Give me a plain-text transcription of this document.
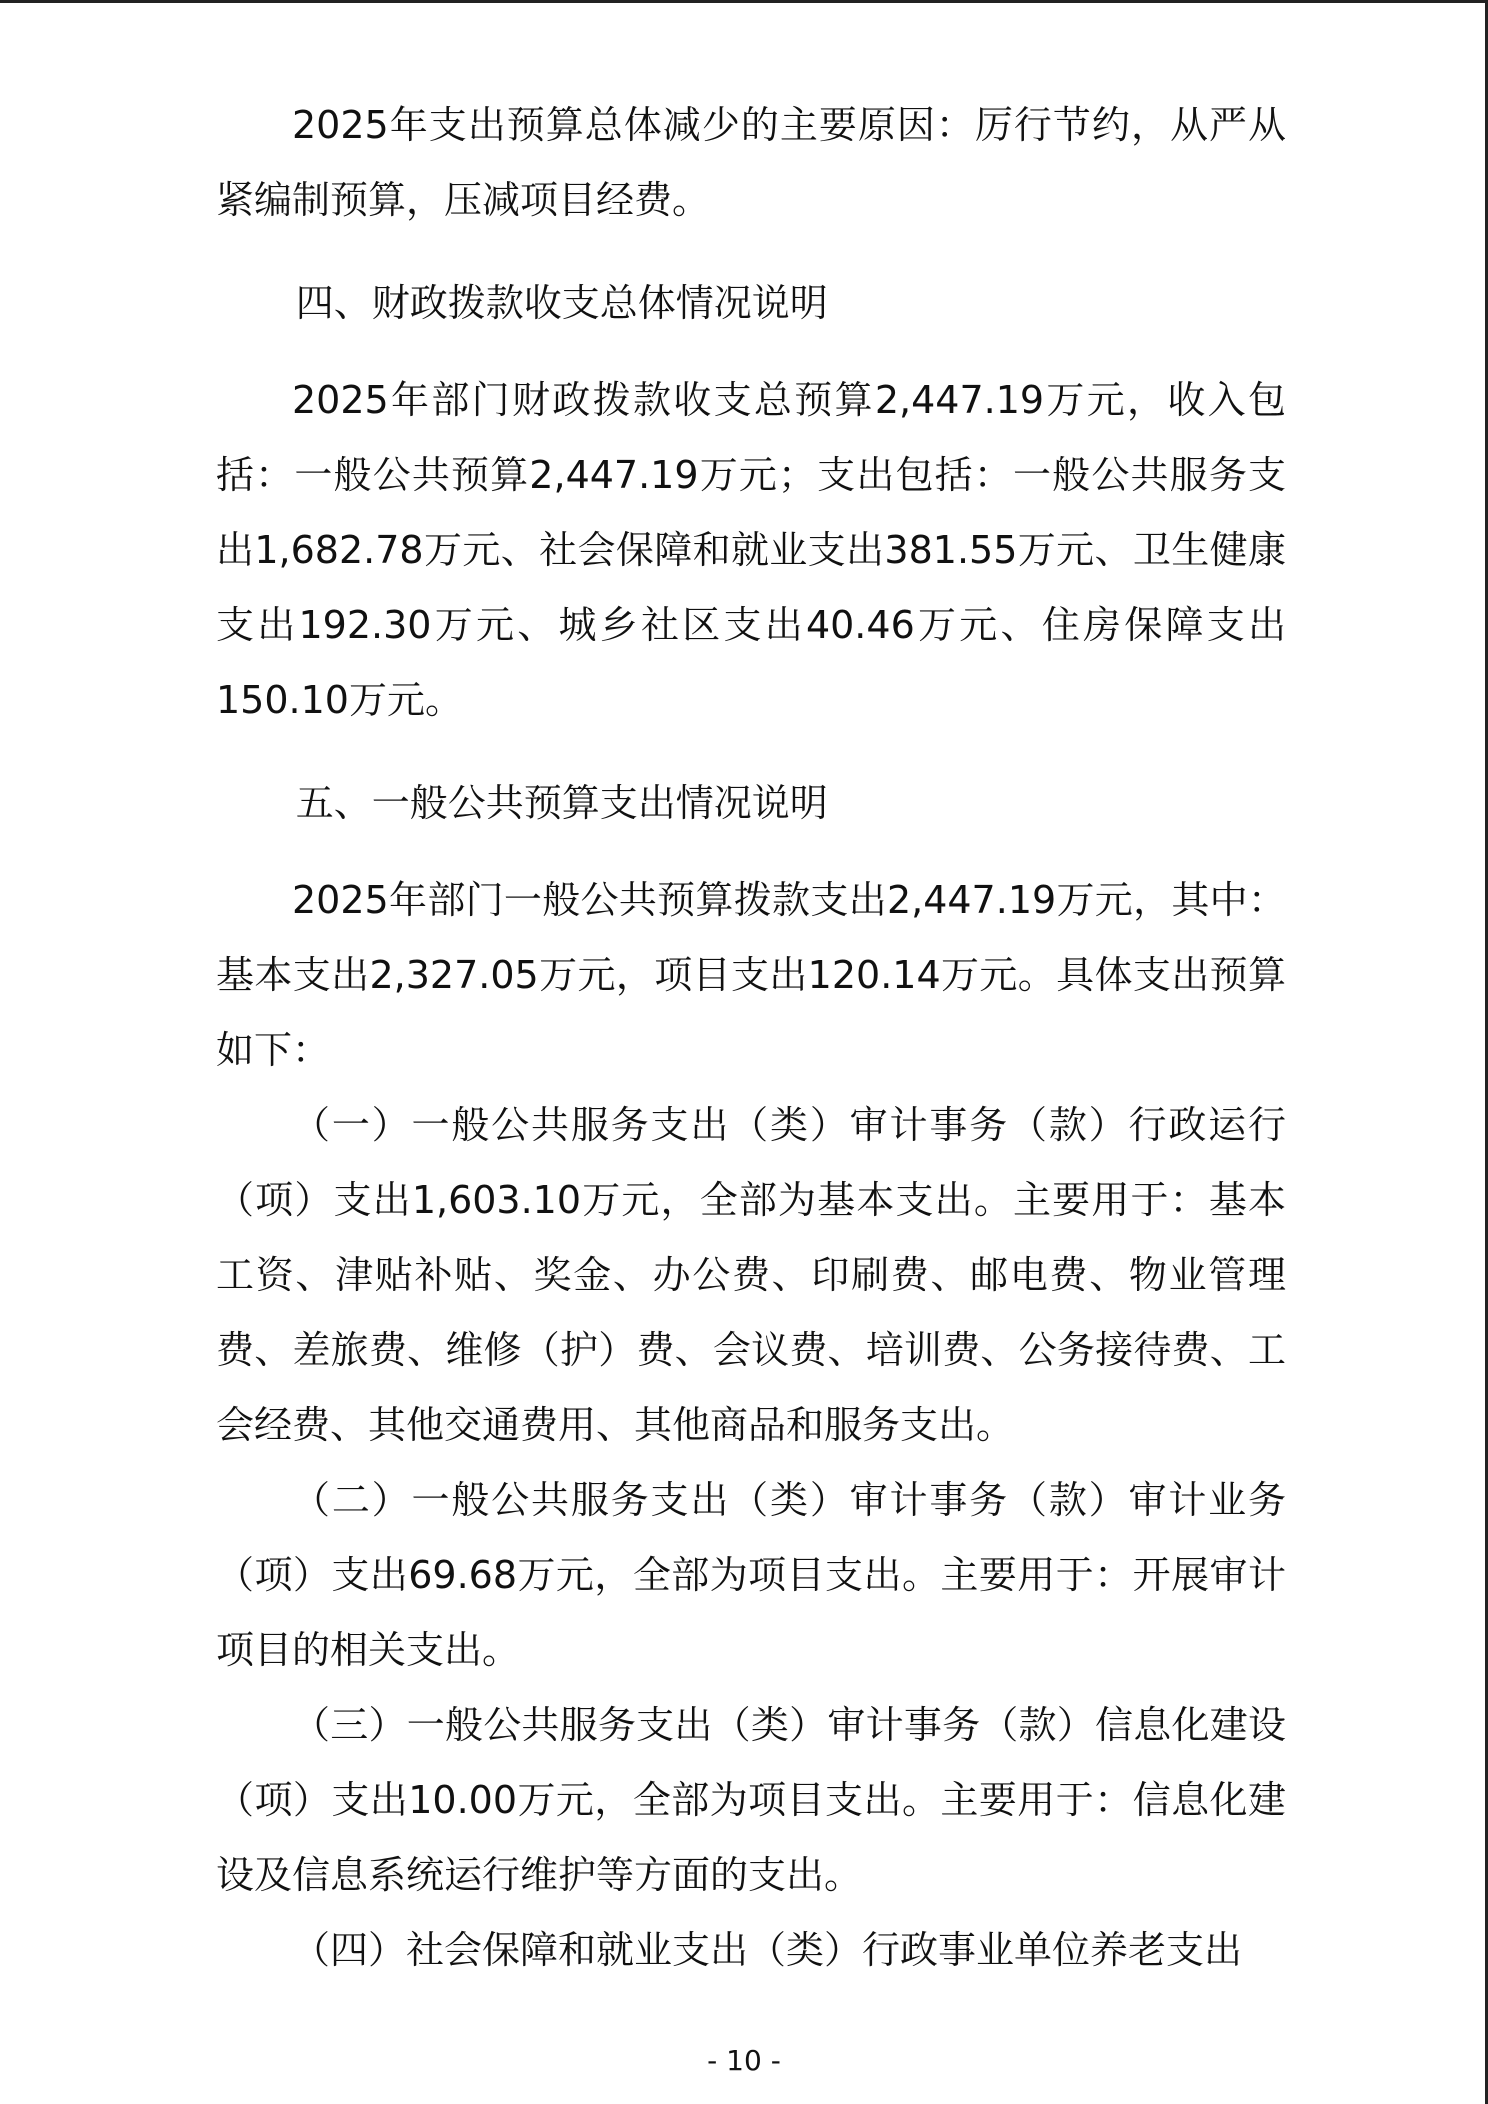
2025年支出预算总体减少的主要原因：厉行节约，从严从紧编制预算，压减项目经费。

四、财政拨款收支总体情况说明

2025年部门财政拨款收支总预算2,447.19万元，收入包括：一般公共预算2,447.19万元；支出包括：一般公共服务支出1,682.78万元、社会保障和就业支出381.55万元、卫生健康支出192.30万元、城乡社区支出40.46万元、住房保障支出150.10万元。

五、一般公共预算支出情况说明

2025年部门一般公共预算拨款支出2,447.19万元，其中：基本支出2,327.05万元，项目支出120.14万元。具体支出预算如下：

（一）一般公共服务支出（类）审计事务（款）行政运行（项）支出1,603.10万元，全部为基本支出。主要用于：基本工资、津贴补贴、奖金、办公费、印刷费、邮电费、物业管理费、差旅费、维修（护）费、会议费、培训费、公务接待费、工会经费、其他交通费用、其他商品和服务支出。

（二）一般公共服务支出（类）审计事务（款）审计业务（项）支出69.68万元，全部为项目支出。主要用于：开展审计项目的相关支出。

（三）一般公共服务支出（类）审计事务（款）信息化建设（项）支出10.00万元，全部为项目支出。主要用于：信息化建设及信息系统运行维护等方面的支出。

（四）社会保障和就业支出（类）行政事业单位养老支出

- 10 -
